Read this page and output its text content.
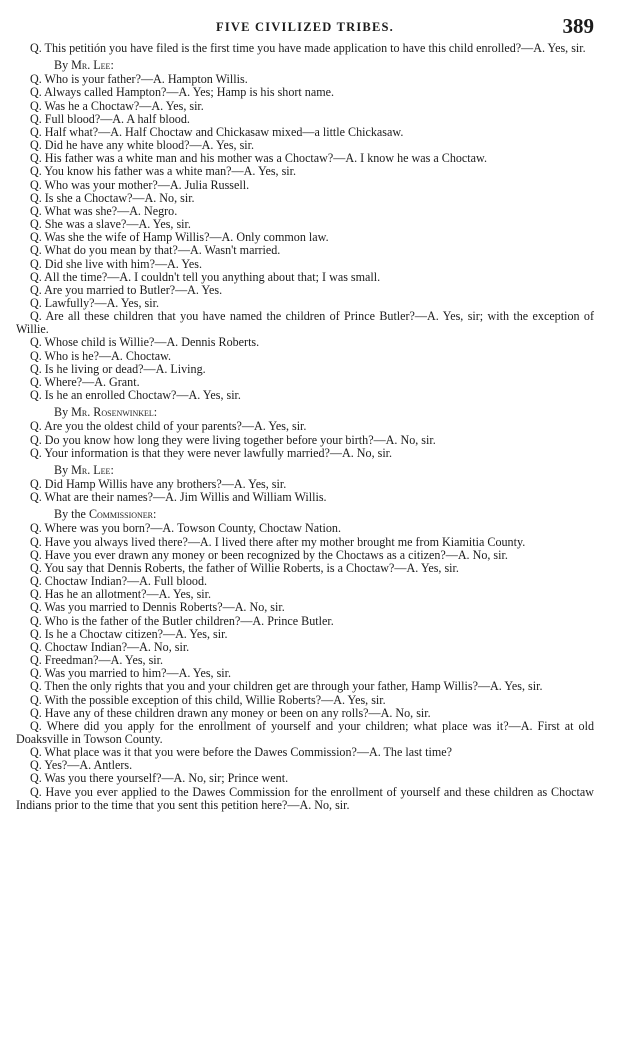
FIVE CIVILIZED TRIBES.	389

Q. This petitión you have filed is the first time you have made application to have this child enrolled?—A. Yes, sir.

By Mr. Lee:

Q. Who is your father?—A. Hampton Willis.

Q. Always called Hampton?—A. Yes; Hamp is his short name.

Q. Was he a Choctaw?—A. Yes, sir.

Q. Full blood?—A. A half blood.

Q. Half what?—A. Half Choctaw and Chickasaw mixed—a little Chickasaw.

Q. Did he have any white blood?—A. Yes, sir.

Q. His father was a white man and his mother was a Choctaw?—A. I know he was a Choctaw.

Q. You know his father was a white man?—A. Yes, sir.

Q. Who was your mother?—A. Julia Russell.

Q. Is she a Choctaw?—A. No, sir.

Q. What was she?—A. Negro.

Q. She was a slave?—A. Yes, sir.

Q. Was she the wife of Hamp Willis?—A. Only common law.

Q. What do you mean by that?—A. Wasn't married.

Q. Did she live with him?—A. Yes.

Q. All the time?—A. I couldn't tell you anything about that; I was small.

Q. Are you married to Butler?—A. Yes.

Q. Lawfully?—A. Yes, sir.

Q. Are all these children that you have named the children of Prince Butler?—A. Yes, sir; with the exception of Willie.

Q. Whose child is Willie?—A. Dennis Roberts.

Q. Who is he?—A. Choctaw.

Q. Is he living or dead?—A. Living.

Q. Where?—A. Grant.

Q. Is he an enrolled Choctaw?—A. Yes, sir.

By Mr. Rosenwinkel:

Q. Are you the oldest child of your parents?—A. Yes, sir.

Q. Do you know how long they were living together before your birth?—A. No, sir.

Q. Your information is that they were never lawfully married?—A. No, sir.

By Mr. Lee:

Q. Did Hamp Willis have any brothers?—A. Yes, sir.

Q. What are their names?—A. Jim Willis and William Willis.

By the Commissioner:

Q. Where was you born?—A. Towson County, Choctaw Nation.

Q. Have you always lived there?—A. I lived there after my mother brought me from Kiamitia County.

Q. Have you ever drawn any money or been recognized by the Choctaws as a citizen?—A. No, sir.

Q. You say that Dennis Roberts, the father of Willie Roberts, is a Choctaw?—A. Yes, sir.

Q. Choctaw Indian?—A. Full blood.

Q. Has he an allotment?—A. Yes, sir.

Q. Was you married to Dennis Roberts?—A. No, sir.

Q. Who is the father of the Butler children?—A. Prince Butler.

Q. Is he a Choctaw citizen?—A. Yes, sir.

Q. Choctaw Indian?—A. No, sir.

Q. Freedman?—A. Yes, sir.

Q. Was you married to him?—A. Yes, sir.

Q. Then the only rights that you and your children get are through your father, Hamp Willis?—A. Yes, sir.

Q. With the possible exception of this child, Willie Roberts?—A. Yes, sir.

Q. Have any of these children drawn any money or been on any rolls?—A. No, sir.

Q. Where did you apply for the enrollment of yourself and your children; what place was it?—A. First at old Doaksville in Towson County.

Q. What place was it that you were before the Dawes Commission?—A. The last time?

Q. Yes?—A. Antlers.

Q. Was you there yourself?—A. No, sir; Prince went.

Q. Have you ever applied to the Dawes Commission for the enrollment of yourself and these children as Choctaw Indians prior to the time that you sent this petition here?—A. No, sir.
